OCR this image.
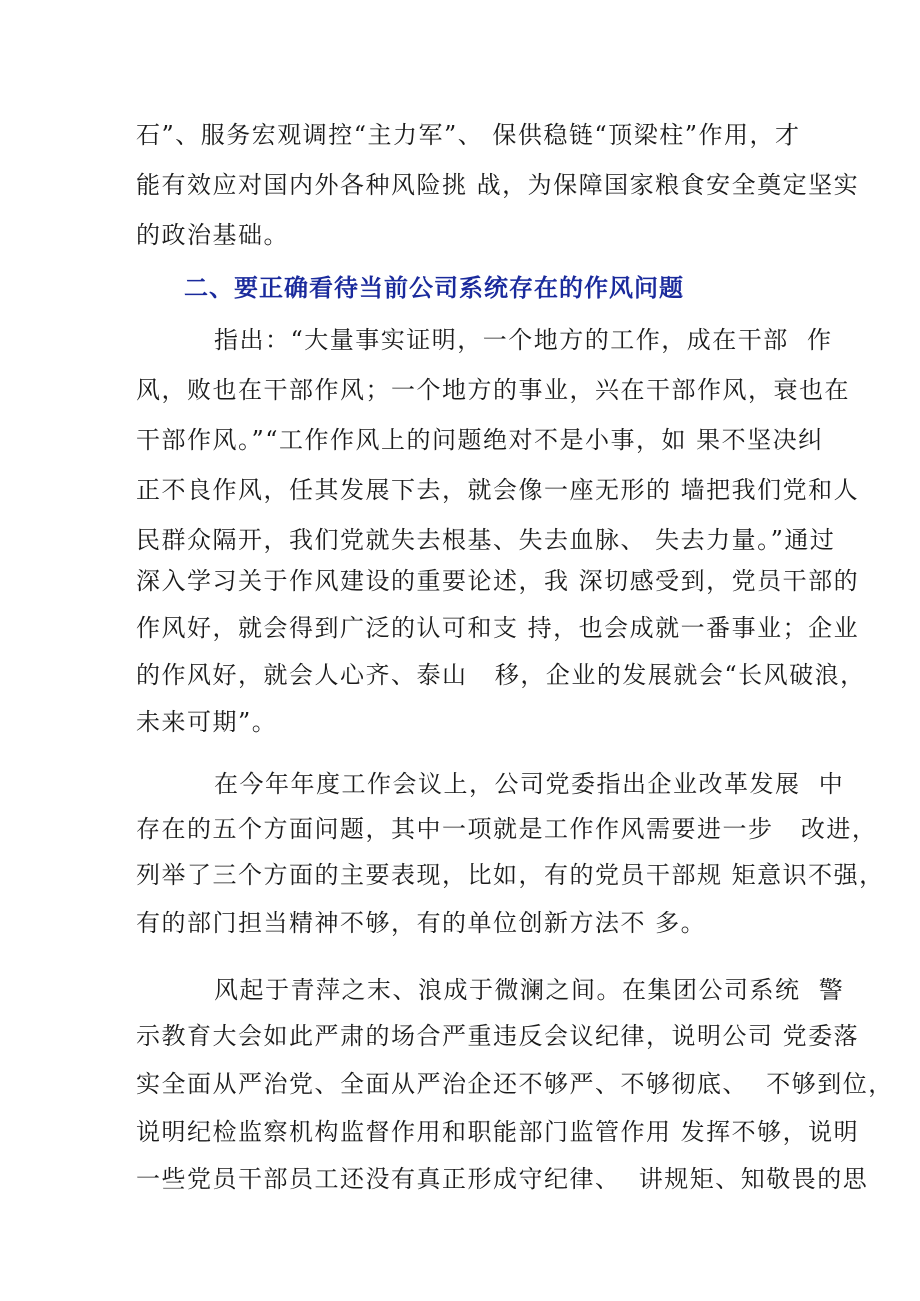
石”、服务宏观调控“主力军”、 保供稳链“顶梁柱”作用，才
能有效应对国内外各种风险挑 战，为保障国家粮食安全奠定坚实
的政治基础。
二、要正确看待当前公司系统存在的作风问题
指出：“大量事实证明，一个地方的工作，成在干部  作
风，败也在干部作风；一个地方的事业，兴在干部作风，衰也在
干部作风。”“工作作风上的问题绝对不是小事，如 果不坚决纠
正不良作风，任其发展下去，就会像一座无形的 墙把我们党和人
民群众隔开，我们党就失去根基、失去血脉、 失去力量。”通过
深入学习关于作风建设的重要论述，我 深切感受到，党员干部的
作风好，就会得到广泛的认可和支 持，也会成就一番事业；企业
的作风好，就会人心齐、泰山   移，企业的发展就会“长风破浪，
未来可期”。
在今年年度工作会议上，公司党委指出企业改革发展  中
存在的五个方面问题，其中一项就是工作作风需要进一步   改进，
列举了三个方面的主要表现，比如，有的党员干部规 矩意识不强，
有的部门担当精神不够，有的单位创新方法不 多。
风起于青萍之末、浪成于微澜之间。在集团公司系统  警
示教育大会如此严肃的场合严重违反会议纪律，说明公司 党委落
实全面从严治党、全面从严治企还不够严、不够彻底、  不够到位，
说明纪检监察机构监督作用和职能部门监管作用 发挥不够，说明
一些党员干部员工还没有真正形成守纪律、  讲规矩、知敬畏的思
